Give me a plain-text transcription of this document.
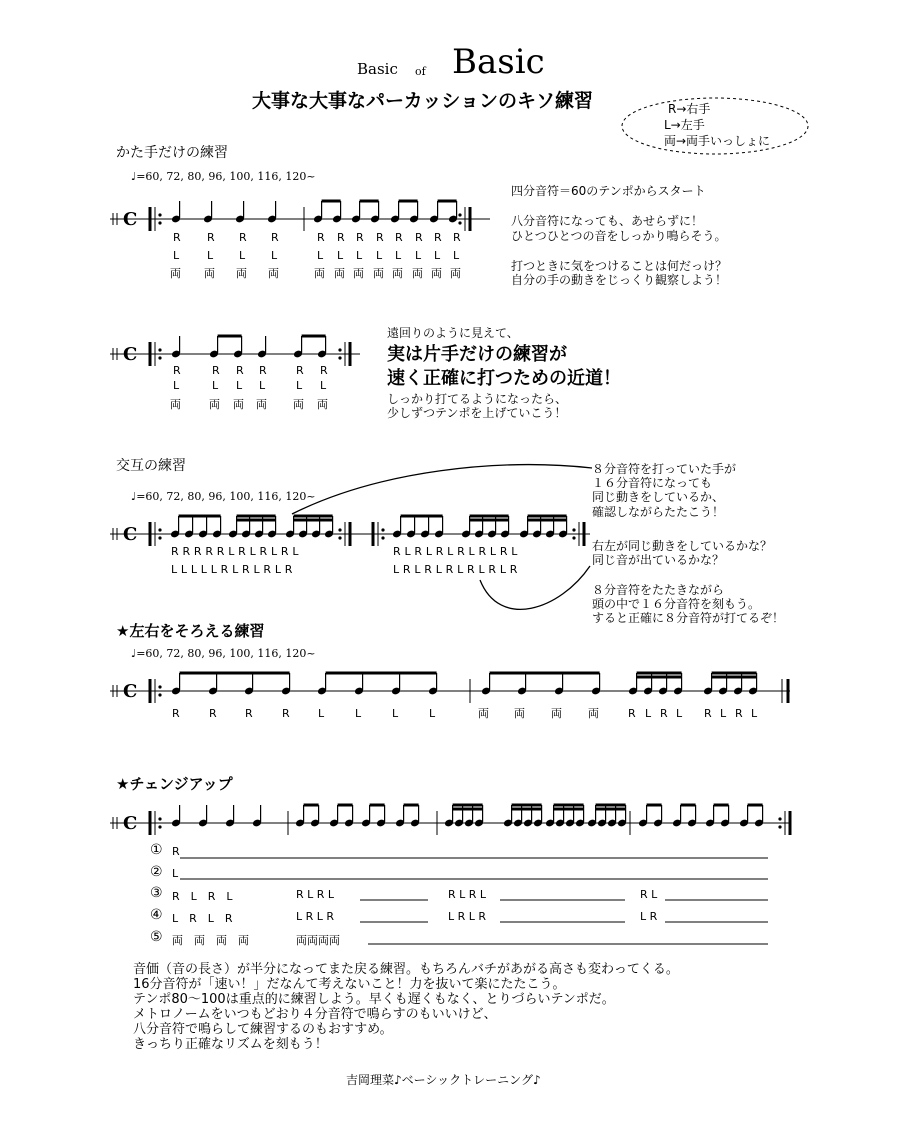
Basic of Basic
大事な大事なパーカッションのキソ練習	R→右手
L→左手
両→両手いっしょに
かた手だけの練習
♩=60, 72, 80, 96, 100, 116, 120~
四分音符＝60のテンポからスタート
八分音符になっても、あせらずに！
ひとつひとつの音をしっかり鳴らそう。
打つときに気をつけることは何だっけ？
自分の手の動きをじっくり観察しよう！
遠回りのように見えて、
実は片手だけの練習が
速く正確に打つための近道！
しっかり打てるようになったら、
少しずつテンポを上げていこう！
交互の練習
♩=60, 72, 80, 96, 100, 116, 120~
RRRRRLRLRLRL
LLLLLRLRLRLR
RLRLRLRLRLRL
LRLRLRLRLRLR
８分音符を打っていた手が
１６分音符になっても
同じ動きをしているか、
確認しながらたたこう！
右左が同じ動きをしているかな？
同じ音が出ているかな？
８分音符をたたきながら
頭の中で１６分音符を刻もう。
すると正確に８分音符が打てるぞ！
★左右をそろえる練習
♩=60, 72, 80, 96, 100, 116, 120~
★チェンジアップ
① R
② L
③ R　L　R　L	R L R L	R L R L	R L
④ L　R　L　R	L R L R	L R L R	L R
⑤ 両　両　両　両	両両両両
音価（音の長さ）が半分になってまた戻る練習。もちろんバチがあがる高さも変わってくる。
16分音符が「速い！」だなんて考えないこと！力を抜いて楽にたたこう。
テンポ80〜100は重点的に練習しよう。早くも遅くもなく、とりづらいテンポだ。
メトロノームをいつもどおり４分音符で鳴らすのもいいけど、
八分音符で鳴らして練習するのもおすすめ。
きっちり正確なリズムを刻もう！
吉岡理菜♪ベーシックトレーニング♪
C
R
L
両
R
L
両
R
L
両
R
L
両
R
L
両
R
L
両
R
L
両
R
L
両
R
L
両
R
L
両
R
L
両
R
L
両
C
R
L
両
R
L
両
R
L
両
R
L
両
R
L
両
R
L
両
C
C
R	R	R	R	L	L	L	L	両 両 両 両	R L R L R L R L
C
